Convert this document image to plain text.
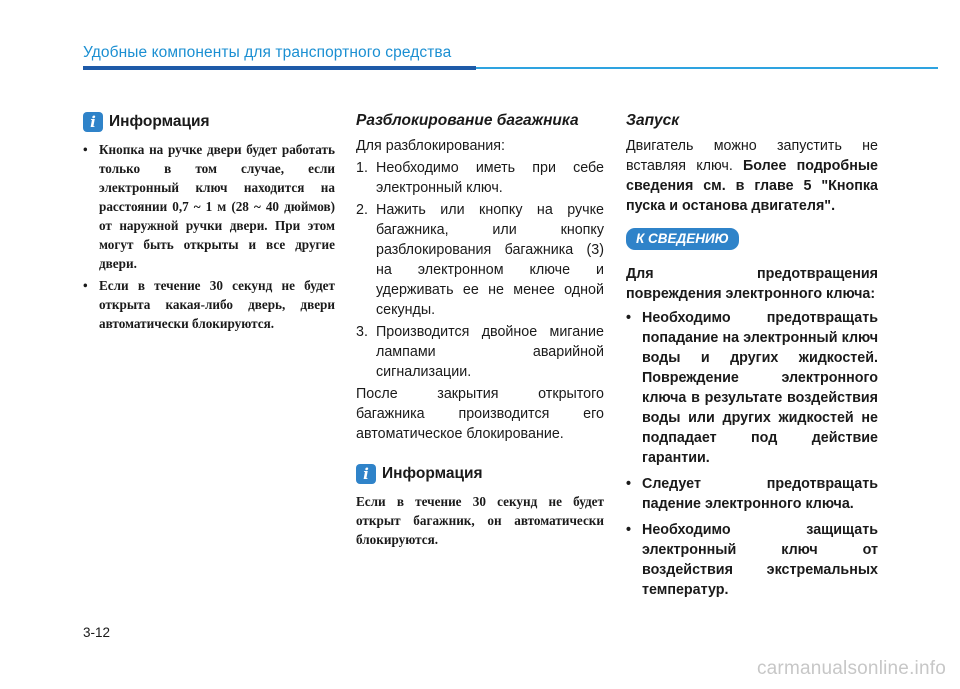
Удобные компоненты для транспортного средства
i Информация
• Кнопка на ручке двери будет работать только в том случае, если электронный ключ находится на расстоянии 0,7 ~ 1 м (28 ~ 40 дюймов) от наружной ручки двери. При этом могут быть открыты и все другие двери.
• Если в течение 30 секунд не будет открыта какая-либо дверь, двери автоматически блокируются.
Разблокирование багажника

Для разблокирования:

1. Необходимо иметь при себе электронный ключ.
2. Нажить или кнопку на ручке багажника, или кнопку разблокирования багажника (3) на электронном ключе и удерживать ее не менее одной секунды.
3. Производится двойное мигание лампами аварийной сигнализации.

После закрытия открытого багажника производится его автоматическое блокирование.

i Информация

Если в течение 30 секунд не будет открыт багажник, он автоматически блокируются.

Запуск

Двигатель можно запустить не вставляя ключ. Более подробные сведения см. в главе 5 "Кнопка пуска и останова двигателя".

К СВЕДЕНИЮ

Для предотвращения повреждения электронного ключа:

• Необходимо предотвращать попадание на электронный ключ воды и других жидкостей. Повреждение электронного ключа в результате воздействия воды или других жидкостей не подпадает под действие гарантии.
• Следует предотвращать падение электронного ключа.
• Необходимо защищать электронный ключ от воздействия экстремальных температур.
3-12
carmanualsonline.info
